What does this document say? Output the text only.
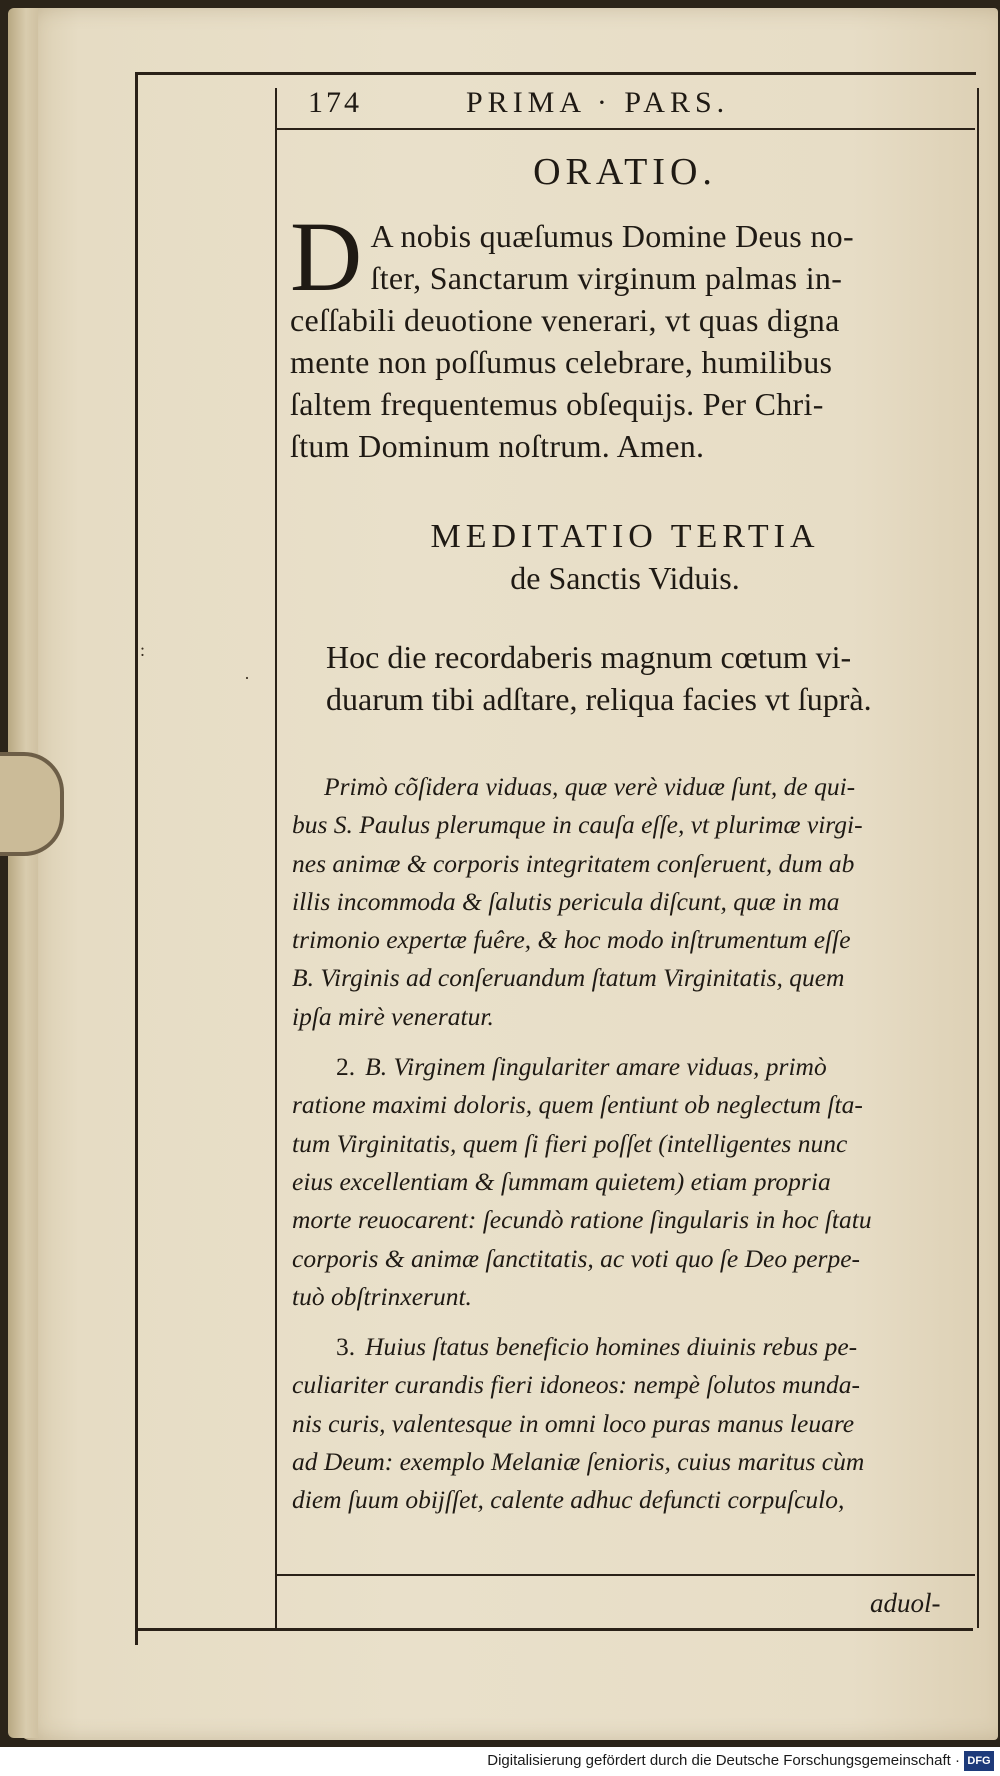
:
·
174	PRIMA · PARS.
ORATIO.
D A nobis quæſumus Domine Deus no-
ſter, Sanctarum virginum palmas in-
ceſſabili deuotione venerari, vt quas digna
mente non poſſumus celebrare, humilibus
ſaltem frequentemus obſequijs. Per Chri-
ſtum Dominum noſtrum. Amen.
MEDITATIO TERTIA
de Sanctis Viduis.
Hoc die recordaberis magnum cœtum vi-
duarum tibi adſtare, reliqua facies vt ſuprà.

Primò cõſidera viduas, quæ verè viduæ ſunt, de qui-
bus S. Paulus plerumque in cauſa eſſe, vt plurimæ virgi-
nes animæ & corporis integritatem conſeruent, dum ab
illis incommoda & ſalutis pericula diſcunt, quæ in ma
trimonio expertæ fuêre, & hoc modo inſtrumentum eſſe
B. Virginis ad conſeruandum ſtatum Virginitatis, quem
ipſa mirè veneratur.

2. B. Virginem ſingulariter amare viduas, primò
ratione maximi doloris, quem ſentiunt ob neglectum ſta-
tum Virginitatis, quem ſi fieri poſſet (intelligentes nunc
eius excellentiam & ſummam quietem) etiam propria
morte reuocarent: ſecundò ratione ſingularis in hoc ſtatu
corporis & animæ ſanctitatis, ac voti quo ſe Deo perpe-
tuò obſtrinxerunt.

3. Huius ſtatus beneficio homines diuinis rebus pe-
culiariter curandis fieri idoneos: nempè ſolutos munda-
nis curis, valentesque in omni loco puras manus leuare
ad Deum: exemplo Melaniæ ſenioris, cuius maritus cùm
diem ſuum obijſſet, calente adhuc defuncti corpuſculo,

aduol-
Digitalisierung gefördert durch die Deutsche Forschungsgemeinschaft · DFG
